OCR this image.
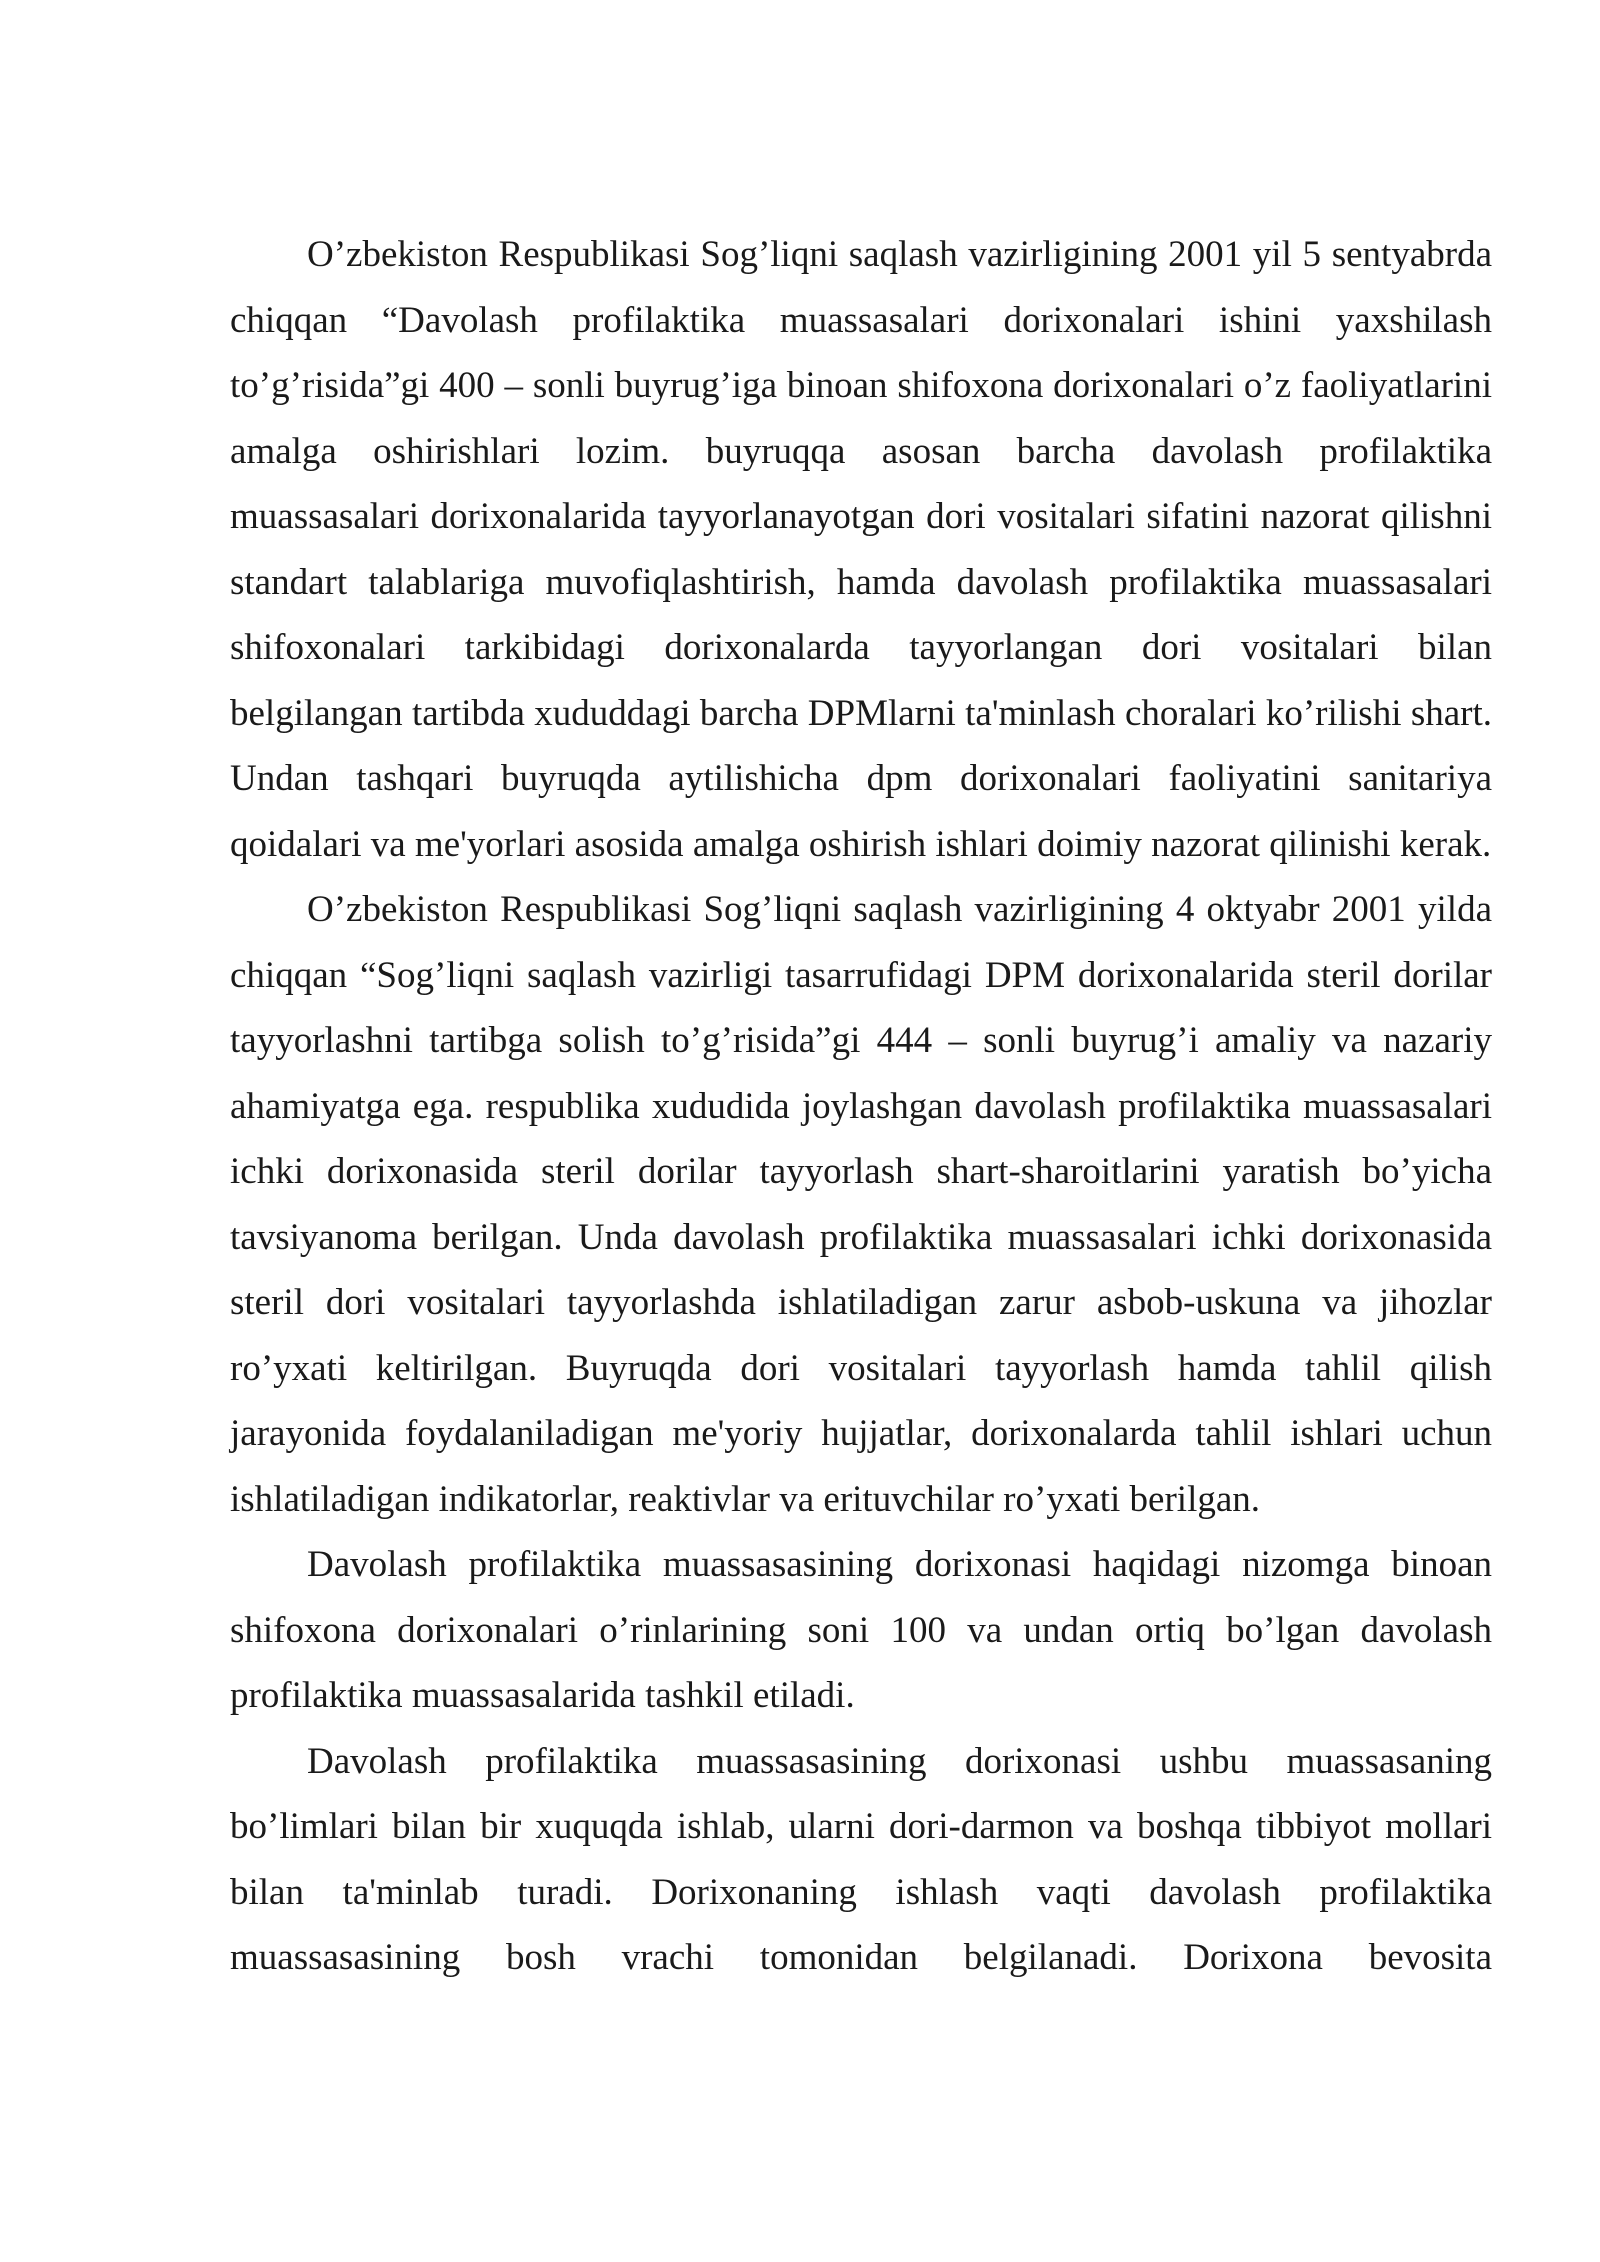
O’zbekiston Respublikasi Sog’liqni saqlash vazirligining 2001 yil 5 sentyabrda chiqqan “Davolash profilaktika muassasalari dorixonalari ishini yaxshilash to’g’risida”gi 400 – sonli buyrug’iga binoan shifoxona dorixonalari o’z faoliyatlarini amalga oshirishlari lozim. buyruqqa asosan barcha davolash profilaktika muassasalari dorixonalarida tayyorlanayotgan dori vositalari sifatini nazorat qilishni standart talablariga muvofiqlashtirish, hamda davolash profilaktika muassasalari shifoxonalari tarkibidagi dorixonalarda tayyorlangan dori vositalari bilan belgilangan tartibda xududdagi barcha DPMlarni ta'minlash choralari ko’rilishi shart. Undan tashqari buyruqda aytilishicha dpm dorixonalari faoliyatini sanitariya qoidalari va me'yorlari asosida amalga oshirish ishlari doimiy nazorat qilinishi kerak.

O’zbekiston Respublikasi Sog’liqni saqlash vazirligining 4 oktyabr 2001 yilda chiqqan “Sog’liqni saqlash vazirligi tasarrufidagi DPM dorixonalarida steril dorilar tayyorlashni tartibga solish to’g’risida”gi 444 – sonli buyrug’i amaliy va nazariy ahamiyatga ega. respublika xududida joylashgan davolash profilaktika muassasalari ichki dorixonasida steril dorilar tayyorlash shart-sharoitlarini yaratish bo’yicha tavsiyanoma berilgan. Unda davolash profilaktika muassasalari ichki dorixonasida steril dori vositalari tayyorlashda ishlatiladigan zarur asbob-uskuna va jihozlar ro’yxati keltirilgan. Buyruqda dori vositalari tayyorlash hamda tahlil qilish jarayonida foydalaniladigan me'yoriy hujjatlar, dorixonalarda tahlil ishlari uchun ishlatiladigan indikatorlar, reaktivlar va erituvchilar ro’yxati berilgan.

Davolash profilaktika muassasasining dorixonasi haqidagi nizomga binoan shifoxona dorixonalari o’rinlarining soni 100 va undan ortiq bo’lgan davolash profilaktika muassasalarida tashkil etiladi.

Davolash profilaktika muassasasining dorixonasi ushbu muassasaning bo’limlari bilan bir xuquqda ishlab, ularni dori-darmon va boshqa tibbiyot mollari bilan ta'minlab turadi. Dorixonaning ishlash vaqti davolash profilaktika muassasasining bosh vrachi tomonidan belgilanadi. Dorixona bevosita
